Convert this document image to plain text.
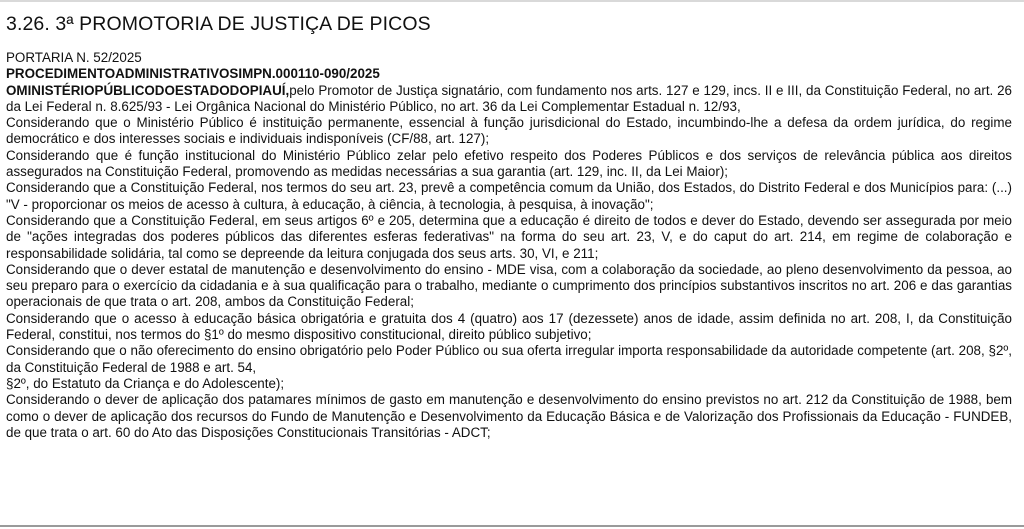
3.26. 3ª PROMOTORIA DE JUSTIÇA DE PICOS

PORTARIA N. 52/2025

PROCEDIMENTOADMINISTRATIVOSIMPN.000110-090/2025

OMINISTÉRIOPÚBLICODOESTADODOPIAUÍ,pelo Promotor de Justiça signatário, com fundamento nos arts. 127 e 129, incs. II e III, da Constituição Federal, no art. 26 da Lei Federal n. 8.625/93 - Lei Orgânica Nacional do Ministério Público, no art. 36 da Lei Complementar Estadual n. 12/93,

Considerando que o Ministério Público é instituição permanente, essencial à função jurisdicional do Estado, incumbindo-lhe a defesa da ordem jurídica, do regime democrático e dos interesses sociais e individuais indisponíveis (CF/88, art. 127);

Considerando que é função institucional do Ministério Público zelar pelo efetivo respeito dos Poderes Públicos e dos serviços de relevância pública aos direitos assegurados na Constituição Federal, promovendo as medidas necessárias a sua garantia (art. 129, inc. II, da Lei Maior);

Considerando que a Constituição Federal, nos termos do seu art. 23, prevê a competência comum da União, dos Estados, do Distrito Federal e dos Municípios para: (...) "V - proporcionar os meios de acesso à cultura, à educação, à ciência, à tecnologia, à pesquisa, à inovação";

Considerando que a Constituição Federal, em seus artigos 6º e 205, determina que a educação é direito de todos e dever do Estado, devendo ser assegurada por meio de "ações integradas dos poderes públicos das diferentes esferas federativas" na forma do seu art. 23, V, e do caput do art. 214, em regime de colaboração e responsabilidade solidária, tal como se depreende da leitura conjugada dos seus arts. 30, VI, e 211;

Considerando que o dever estatal de manutenção e desenvolvimento do ensino - MDE visa, com a colaboração da sociedade, ao pleno desenvolvimento da pessoa, ao seu preparo para o exercício da cidadania e à sua qualificação para o trabalho, mediante o cumprimento dos princípios substantivos inscritos no art. 206 e das garantias operacionais de que trata o art. 208, ambos da Constituição Federal;

Considerando que o acesso à educação básica obrigatória e gratuita dos 4 (quatro) aos 17 (dezessete) anos de idade, assim definida no art. 208, I, da Constituição Federal, constitui, nos termos do §1º do mesmo dispositivo constitucional, direito público subjetivo;

Considerando que o não oferecimento do ensino obrigatório pelo Poder Público ou sua oferta irregular importa responsabilidade da autoridade competente (art. 208, §2º, da Constituição Federal de 1988 e art. 54,

§2º, do Estatuto da Criança e do Adolescente);

Considerando o dever de aplicação dos patamares mínimos de gasto em manutenção e desenvolvimento do ensino previstos no art. 212 da Constituição de 1988, bem como o dever de aplicação dos recursos do Fundo de Manutenção e Desenvolvimento da Educação Básica e de Valorização dos Profissionais da Educação - FUNDEB, de que trata o art. 60 do Ato das Disposições Constitucionais Transitórias - ADCT;
